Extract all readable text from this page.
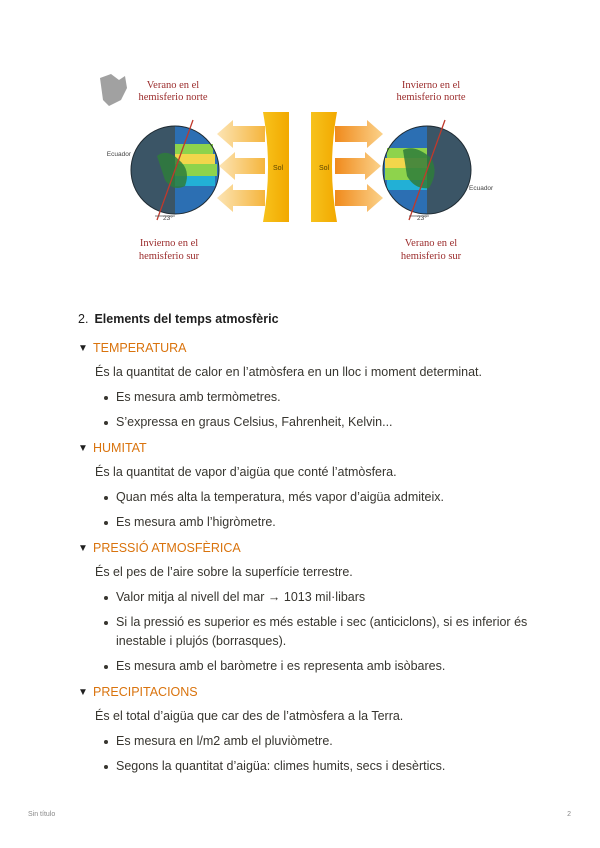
23°
Ecuador
Sol	Sol
23°
Ecuador
Verano en el
hemisferio norte
Invierno en el
hemisferio sur
Invierno en el
hemisferio norte
Verano en el
hemisferio sur
2. Elements del temps atmosfèric
▼ TEMPERATURA

És la quantitat de calor en l’atmòsfera en un lloc i moment determinat.

Es mesura amb termòmetres.
S’expressa en graus Celsius, Fahrenheit, Kelvin...
▼ HUMITAT

És la quantitat de vapor d’aigüa que conté l’atmòsfera.

Quan més alta la temperatura, més vapor d’aigüa admiteix.
Es mesura amb l’higròmetre.
▼ PRESSIÓ ATMOSFÈRICA

És el pes de l’aire sobre la superfície terrestre.

Valor mitja al nivell del mar → 1013 mil·libars
Si la pressió es superior es més estable i sec (anticiclons), si es inferior és inestable i plujós (borrasques).
Es mesura amb el baròmetre i es representa amb isòbares.
▼ PRECIPITACIONS

És el total d’aigüa que car des de l’atmòsfera a la Terra.

Es mesura en l/m2 amb el pluviòmetre.
Segons la quantitat d’aigüa: climes humits, secs i desèrtics.
Sin título	2
